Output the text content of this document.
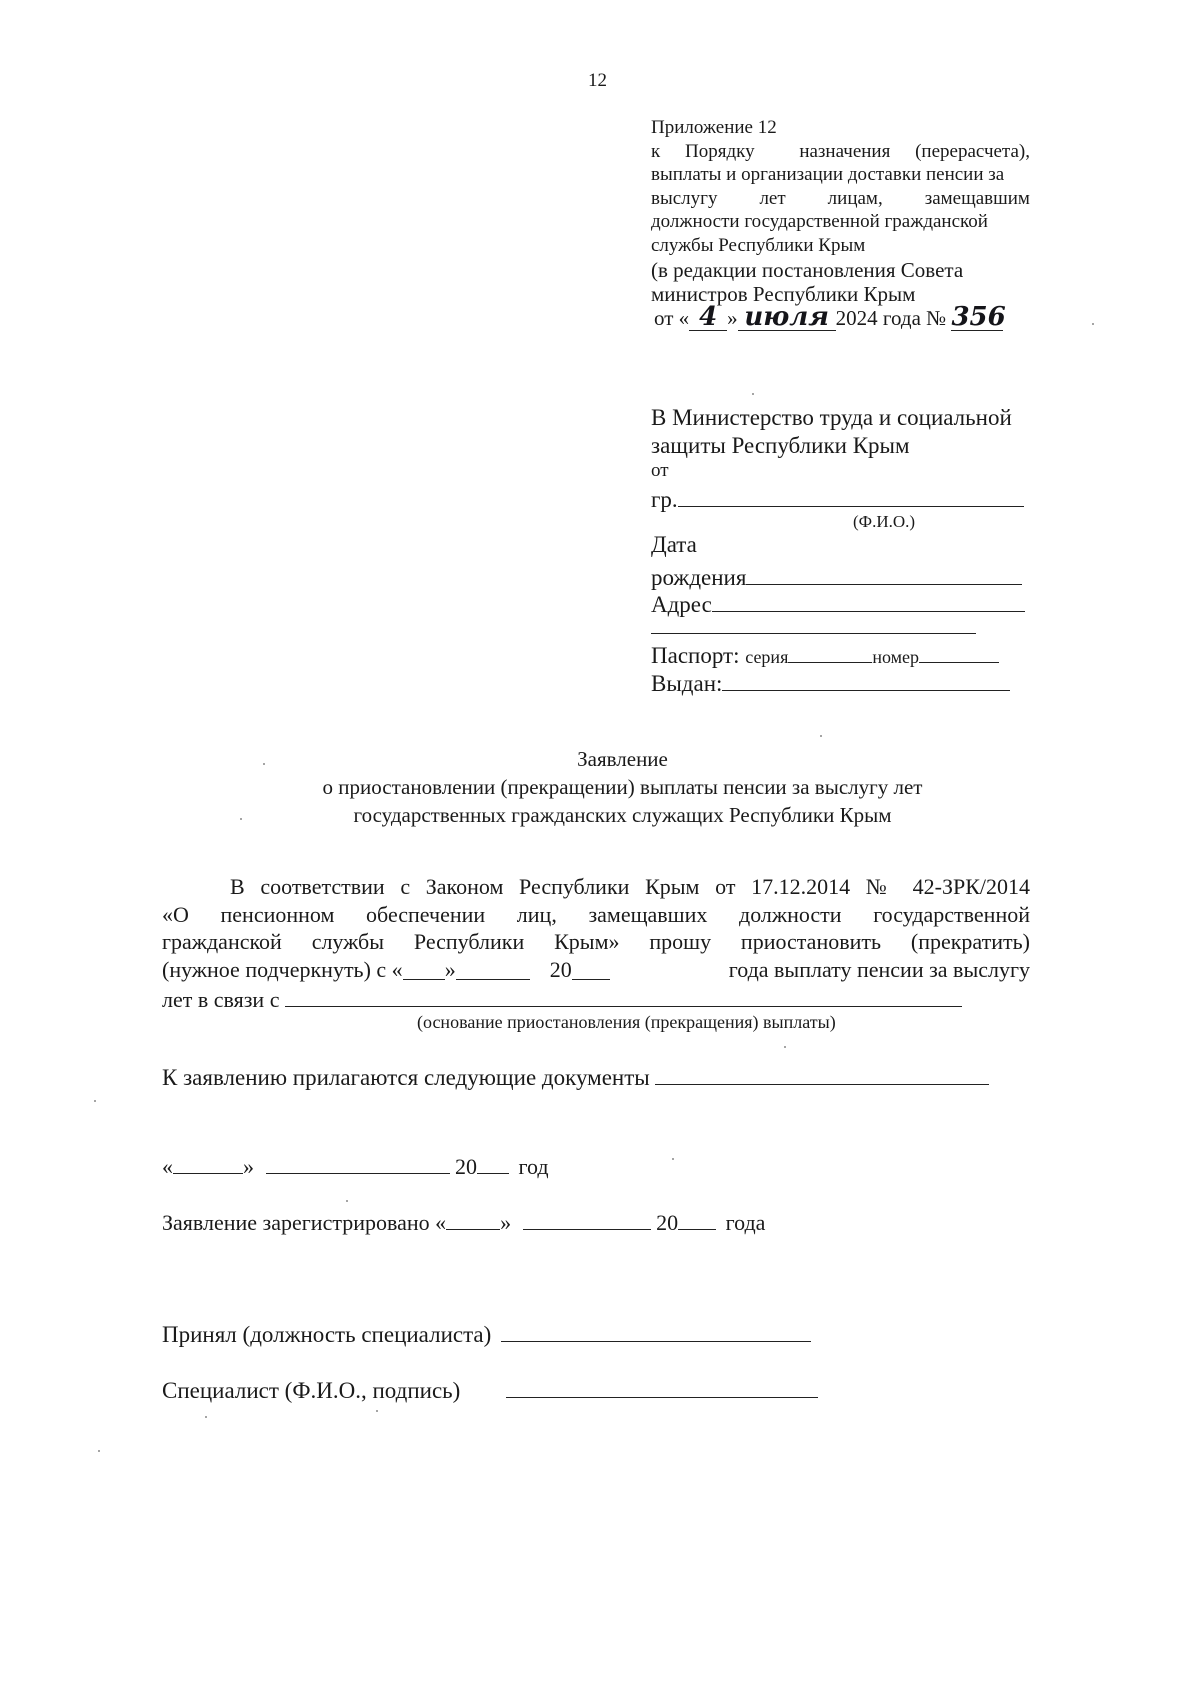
12
Приложение 12
к Порядку назначения (перерасчета),
выплаты и организации доставки пенсии за
выслугу лет лицам, замещавшим
должности государственной гражданской
службы Республики Крым
(в редакции постановления Совета
министров Республики Крым
от « 4 » июля 2024 года № 356
В Министерство труда и социальной
защиты Республики Крым
от
гр.
(Ф.И.О.)
Дата
рождения
Адрес
Паспорт: серия	номер
Выдан:
Заявление
о приостановлении (прекращении) выплаты пенсии за выслугу лет
государственных гражданских служащих Республики Крым
В соответствии с Законом Республики Крым от 17.12.2014 № 42-ЗРК/2014
«О пенсионном обеспечении лиц, замещавших должности государственной
гражданской службы Республики Крым» прошу приостановить (прекратить)
(нужное подчеркнуть) с « »	20	года выплату пенсии за выслугу
лет в связи с
(основание приостановления (прекращения) выплаты)
К заявлению прилагаются следующие документы
«	»	20 год
Заявление зарегистрировано « »	20 года
Принял (должность специалиста)
Специалист (Ф.И.О., подпись)
